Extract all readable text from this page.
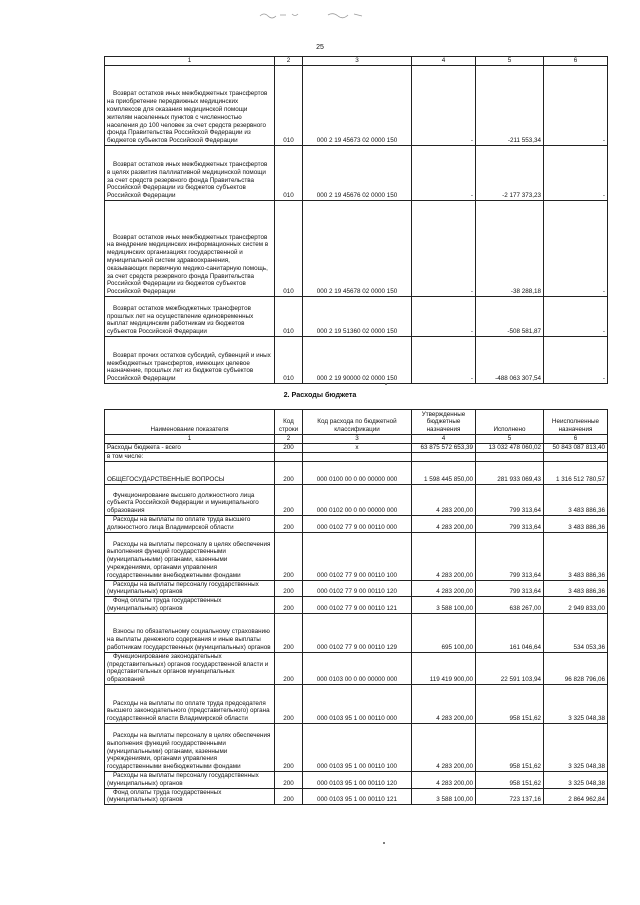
25
1	2	3	4	5	6
Возврат остатков иных межбюджетных трансфертов на приобретение передвижных медицинских комплексов для оказания медицинской помощи жителям населенных пунктов с численностью населения до 100 человек за счет средств резервного фонда Правительства Российской Федерации из бюджетов субъектов Российской Федерации	010	000 2 19 45673 02 0000 150	-	-211 553,34	-
Возврат остатков иных межбюджетных трансфертов в целях развития паллиативной медицинской помощи за счет средств резервного фонда Правительства Российской Федерации из бюджетов субъектов Российской Федерации	010	000 2 19 45676 02 0000 150	-	-2 177 373,23	-
Возврат остатков иных межбюджетных трансфертов на внедрение медицинских информационных систем в медицинских организациях государственной и муниципальной систем здравоохранения, оказывающих первичную медико-санитарную помощь, за счет средств резервного фонда Правительства Российской Федерации из бюджетов субъектов Российской Федерации	010	000 2 19 45678 02 0000 150	-	-38 288,18	-
Возврат остатков межбюджетных трансфертов прошлых лет на осуществление единовременных выплат медицинским работникам из бюджетов субъектов Российской Федерации	010	000 2 19 51360 02 0000 150	-	-508 581,87	-
Возврат прочих остатков субсидий, субвенций и иных межбюджетных трансфертов, имеющих целевое назначение, прошлых лет из бюджетов субъектов Российской Федерации	010	000 2 19 90000 02 0000 150	-	-488 063 307,54	-
2. Расходы бюджета
Наименование показателя	Код строки	Код расхода по бюджетной классификации	Утвержденные бюджетные назначения	Исполнено	Неисполненные назначения
1	2	3	4	5	6
Расходы бюджета - всего	200	x	63 875 572 653,39	13 032 478 060,02	50 843 087 813,40
в том числе:					
ОБЩЕГОСУДАРСТВЕННЫЕ ВОПРОСЫ	200	000 0100 00 0 00 00000 000	1 598 445 850,00	281 933 069,43	1 316 512 780,57
Функционирование высшего должностного лица субъекта Российской Федерации и муниципального образования	200	000 0102 00 0 00 00000 000	4 283 200,00	799 313,64	3 483 886,36
Расходы на выплаты по оплате труда высшего должностного лица Владимирской области	200	000 0102 77 9 00 00110 000	4 283 200,00	799 313,64	3 483 886,36
Расходы на выплаты персоналу в целях обеспечения выполнения функций государственными (муниципальными) органами, казенными учреждениями, органами управления государственными внебюджетными фондами	200	000 0102 77 9 00 00110 100	4 283 200,00	799 313,64	3 483 886,36
Расходы на выплаты персоналу государственных (муниципальных) органов	200	000 0102 77 9 00 00110 120	4 283 200,00	799 313,64	3 483 886,36
Фонд оплаты труда государственных (муниципальных) органов	200	000 0102 77 9 00 00110 121	3 588 100,00	638 267,00	2 949 833,00
Взносы по обязательному социальному страхованию на выплаты денежного содержания и иные выплаты работникам государственных (муниципальных) органов	200	000 0102 77 9 00 00110 129	695 100,00	161 046,64	534 053,36
Функционирование законодательных (представительных) органов государственной власти и представительных органов муниципальных образований	200	000 0103 00 0 00 00000 000	119 419 900,00	22 591 103,94	96 828 796,06
Расходы на выплаты по оплате труда председателя высшего законодательного (представительного) органа государственной власти Владимирской области	200	000 0103 95 1 00 00110 000	4 283 200,00	958 151,62	3 325 048,38
Расходы на выплаты персоналу в целях обеспечения выполнения функций государственными (муниципальными) органами, казенными учреждениями, органами управления государственными внебюджетными фондами	200	000 0103 95 1 00 00110 100	4 283 200,00	958 151,62	3 325 048,38
Расходы на выплаты персоналу государственных (муниципальных) органов	200	000 0103 95 1 00 00110 120	4 283 200,00	958 151,62	3 325 048,38
Фонд оплаты труда государственных (муниципальных) органов	200	000 0103 95 1 00 00110 121	3 588 100,00	723 137,16	2 864 962,84
